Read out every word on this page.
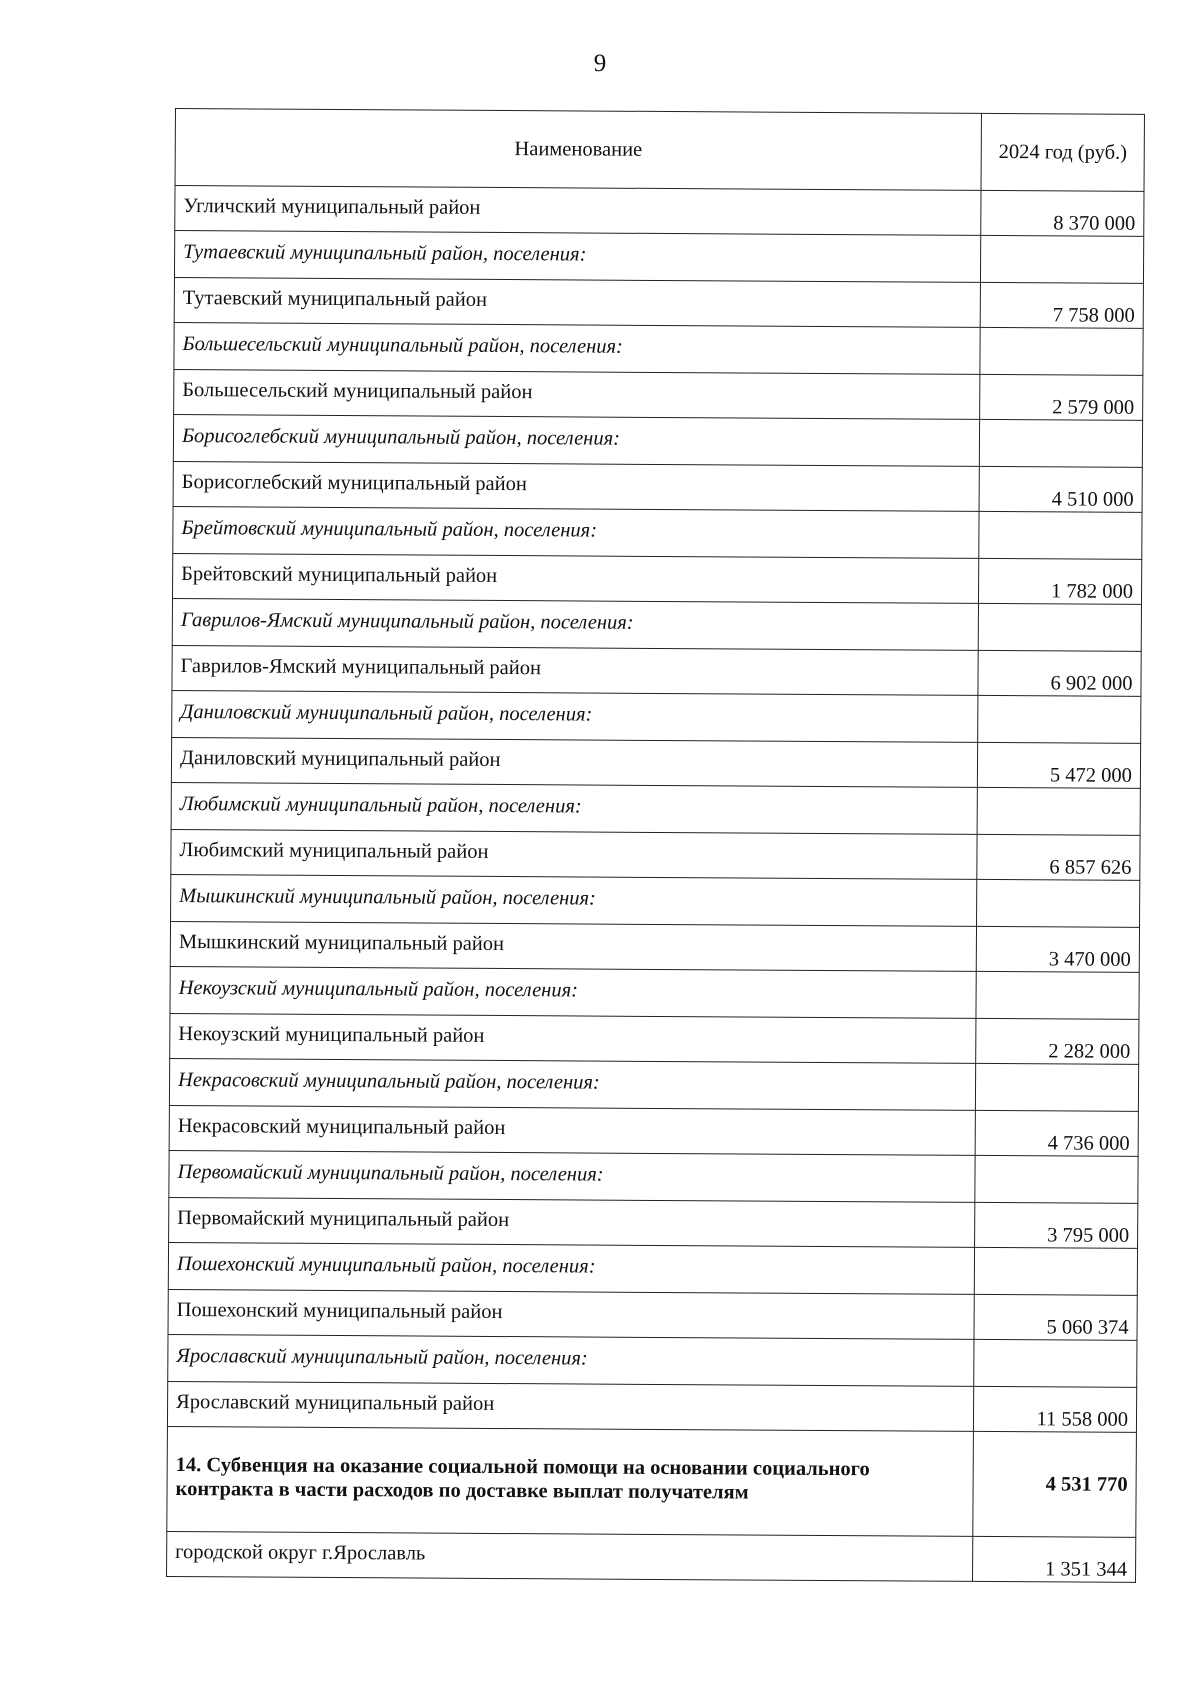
9
Наименование	2024 год (руб.)
Угличский муниципальный район	8 370 000
Тутаевский муниципальный район, поселения:	
Тутаевский муниципальный район	7 758 000
Большесельский муниципальный район, поселения:	
Большесельский муниципальный район	2 579 000
Борисоглебский муниципальный район, поселения:	
Борисоглебский муниципальный район	4 510 000
Брейтовский муниципальный район, поселения:	
Брейтовский муниципальный район	1 782 000
Гаврилов-Ямский муниципальный район, поселения:	
Гаврилов-Ямский муниципальный район	6 902 000
Даниловский муниципальный район, поселения:	
Даниловский муниципальный район	5 472 000
Любимский муниципальный район, поселения:	
Любимский муниципальный район	6 857 626
Мышкинский муниципальный район, поселения:	
Мышкинский муниципальный район	3 470 000
Некоузский муниципальный район, поселения:	
Некоузский муниципальный район	2 282 000
Некрасовский муниципальный район, поселения:	
Некрасовский муниципальный район	4 736 000
Первомайский муниципальный район, поселения:	
Первомайский муниципальный район	3 795 000
Пошехонский муниципальный район, поселения:	
Пошехонский муниципальный район	5 060 374
Ярославский муниципальный район, поселения:	
Ярославский муниципальный район	11 558 000
14. Субвенция на оказание социальной помощи на основании социального контракта в части расходов по доставке выплат получателям	4 531 770
городской округ г.Ярославль	1 351 344
